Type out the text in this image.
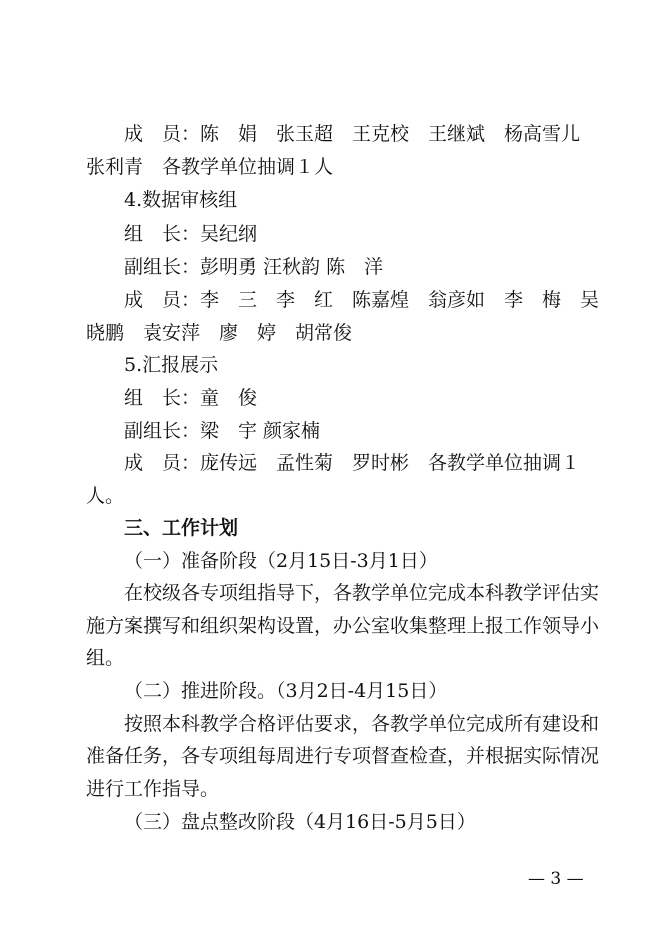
成　员：陈　娟　张玉超　王克校　王继斌　杨高雪儿
张利青　各教学单位抽调１人
4.数据审核组
组　长：吴纪纲
副组长：彭明勇 汪秋韵 陈　洋
成　员：李　三　李　红　陈嘉煌　翁彦如　李　梅　吴
晓鹏　袁安萍　廖　婷　胡常俊
5.汇报展示
组　长：童　俊
副组长：梁　宇 颜家楠
成　员：庞传远　孟性菊　罗时彬　各教学单位抽调１
人。
三、工作计划
（一）准备阶段（2月15日-3月1日）
在校级各专项组指导下，各教学单位完成本科教学评估实
施方案撰写和组织架构设置，办公室收集整理上报工作领导小
组。
（二）推进阶段。（3月2日-4月15日）
按照本科教学合格评估要求，各教学单位完成所有建设和
准备任务，各专项组每周进行专项督查检查，并根据实际情况
进行工作指导。
（三）盘点整改阶段（4月16日-5月5日）
— 3 —
